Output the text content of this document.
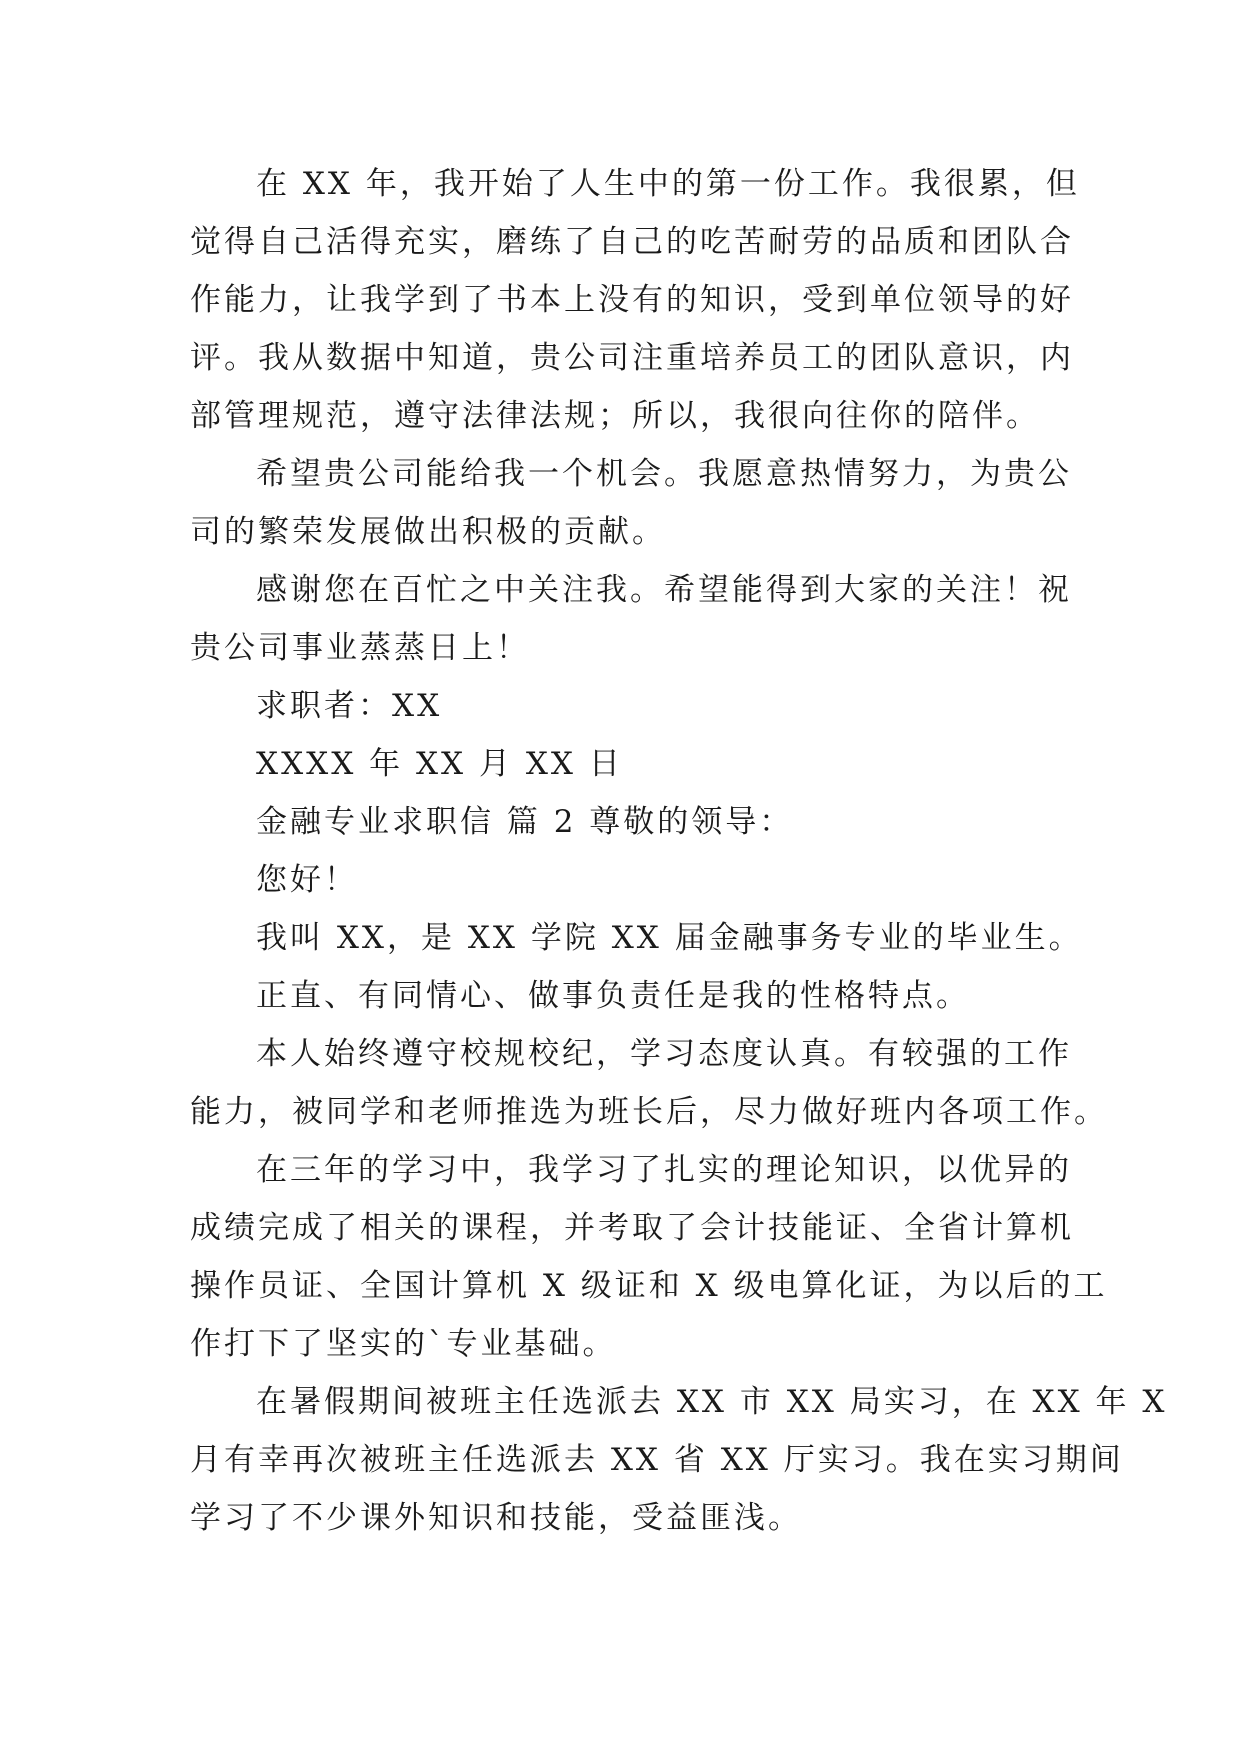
在 XX 年，我开始了人生中的第一份工作。我很累，但
觉得自己活得充实，磨练了自己的吃苦耐劳的品质和团队合
作能力，让我学到了书本上没有的知识，受到单位领导的好
评。我从数据中知道，贵公司注重培养员工的团队意识，内
部管理规范，遵守法律法规；所以，我很向往你的陪伴。
希望贵公司能给我一个机会。我愿意热情努力，为贵公
司的繁荣发展做出积极的贡献。
感谢您在百忙之中关注我。希望能得到大家的关注！祝
贵公司事业蒸蒸日上！
求职者：XX
XXXX 年 XX 月 XX 日
金融专业求职信 篇 2 尊敬的领导：
您好！
我叫 XX，是 XX 学院 XX 届金融事务专业的毕业生。
正直、有同情心、做事负责任是我的性格特点。
本人始终遵守校规校纪，学习态度认真。有较强的工作
能力，被同学和老师推选为班长后，尽力做好班内各项工作。
在三年的学习中，我学习了扎实的理论知识，以优异的
成绩完成了相关的课程，并考取了会计技能证、全省计算机
操作员证、全国计算机 X 级证和 X 级电算化证，为以后的工
作打下了坚实的`专业基础。
在暑假期间被班主任选派去 XX 市 XX 局实习，在 XX 年 X
月有幸再次被班主任选派去 XX 省 XX 厅实习。我在实习期间
学习了不少课外知识和技能，受益匪浅。
